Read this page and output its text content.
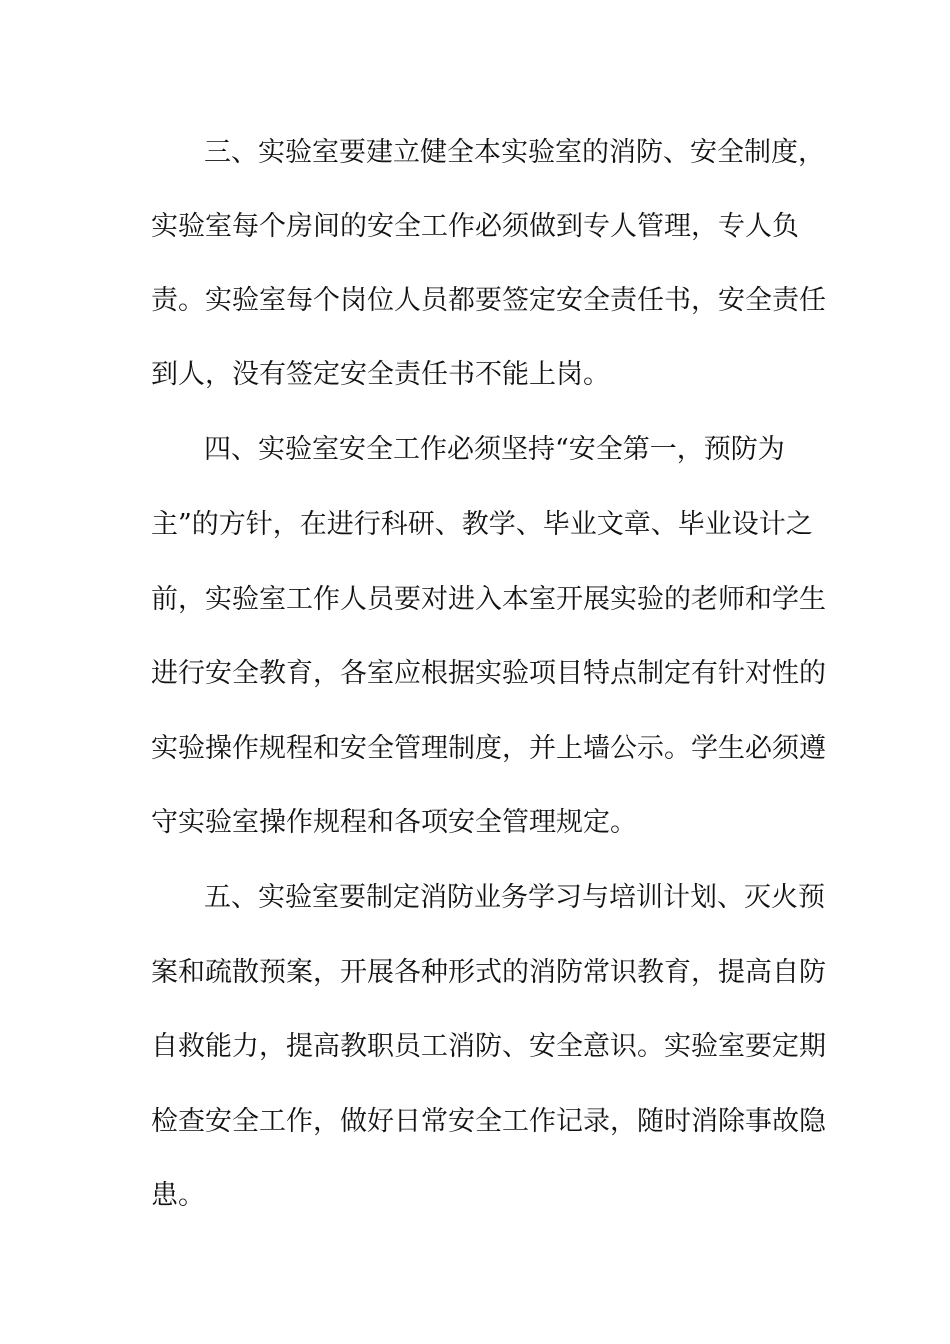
三、实验室要建立健全本实验室的消防、安全制度，
实验室每个房间的安全工作必须做到专人管理，专人负
责。实验室每个岗位人员都要签定安全责任书，安全责任
到人，没有签定安全责任书不能上岗。
四、实验室安全工作必须坚持“安全第一，预防为
主”的方针，在进行科研、教学、毕业文章、毕业设计之
前，实验室工作人员要对进入本室开展实验的老师和学生
进行安全教育，各室应根据实验项目特点制定有针对性的
实验操作规程和安全管理制度，并上墙公示。学生必须遵
守实验室操作规程和各项安全管理规定。
五、实验室要制定消防业务学习与培训计划、灭火预
案和疏散预案，开展各种形式的消防常识教育，提高自防
自救能力，提高教职员工消防、安全意识。实验室要定期
检查安全工作，做好日常安全工作记录，随时消除事故隐
患。
